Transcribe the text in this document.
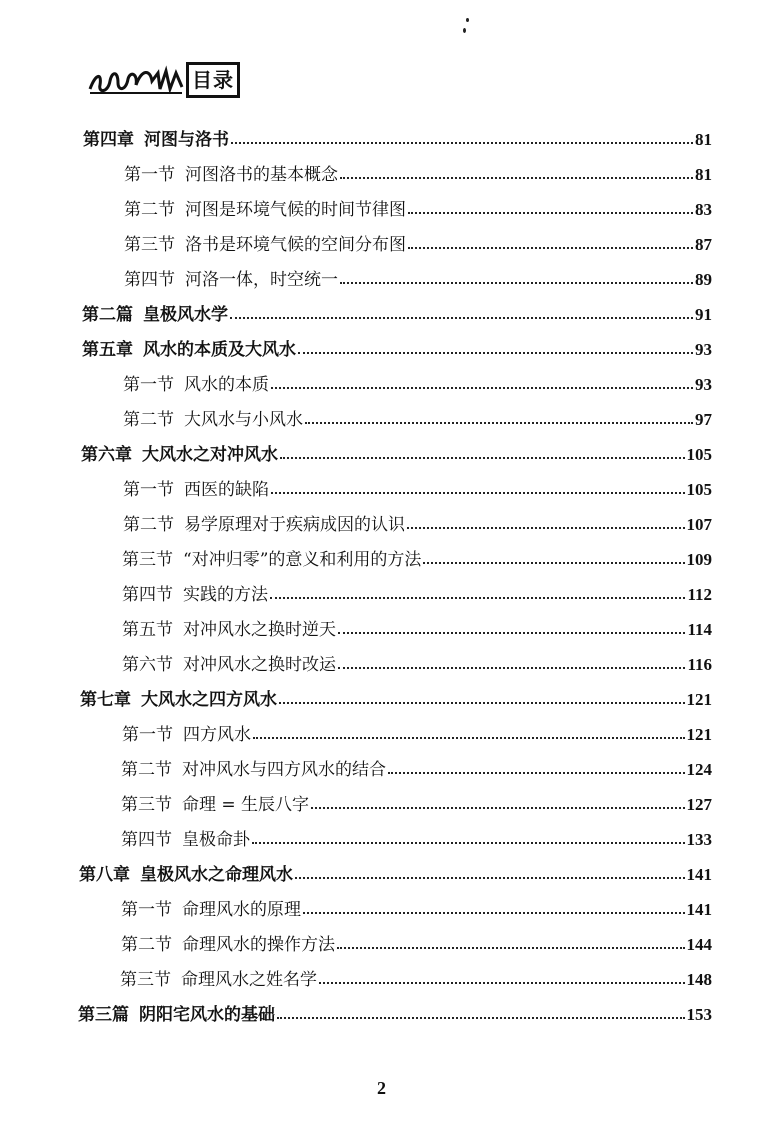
目录
第四章 河图与洛书	81
第一节 河图洛书的基本概念	81
第二节 河图是环境气候的时间节律图	83
第三节 洛书是环境气候的空间分布图	87
第四节 河洛一体，时空统一	89
第二篇 皇极风水学	91
第五章 风水的本质及大风水	93
第一节 风水的本质	93
第二节 大风水与小风水	97
第六章 大风水之对冲风水	105
第一节 西医的缺陷	105
第二节 易学原理对于疾病成因的认识	107
第三节 “对冲归零”的意义和利用的方法	109
第四节 实践的方法	112
第五节 对冲风水之换时逆天	114
第六节 对冲风水之换时改运	116
第七章 大风水之四方风水	121
第一节 四方风水	121
第二节 对冲风水与四方风水的结合	124
第三节 命理 = 生辰八字	127
第四节 皇极命卦	133
第八章 皇极风水之命理风水	141
第一节 命理风水的原理	141
第二节 命理风水的操作方法	144
第三节 命理风水之姓名学	148
第三篇 阴阳宅风水的基础	153
2
